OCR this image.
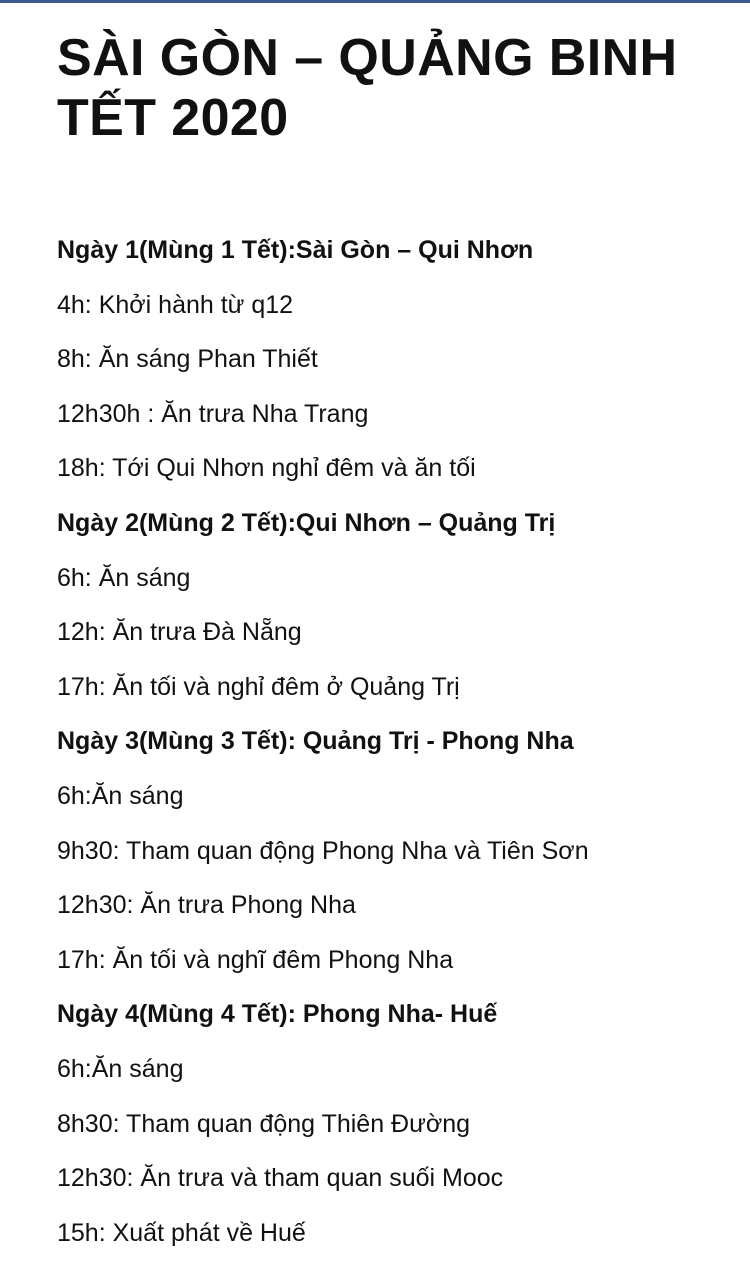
SÀI GÒN – QUẢNG BINH
TẾT 2020
Ngày 1(Mùng 1 Tết):Sài Gòn – Qui Nhơn
4h: Khởi hành từ q12
8h: Ăn sáng Phan Thiết
12h30h : Ăn trưa Nha Trang
18h: Tới Qui Nhơn nghỉ đêm và ăn tối
Ngày 2(Mùng 2 Tết):Qui Nhơn – Quảng Trị
6h: Ăn sáng
12h: Ăn trưa Đà Nẵng
17h: Ăn tối và nghỉ đêm ở Quảng Trị
Ngày 3(Mùng 3 Tết): Quảng Trị - Phong Nha
6h:Ăn sáng
9h30: Tham quan động Phong Nha và Tiên Sơn
12h30: Ăn trưa Phong Nha
17h: Ăn tối và nghĩ đêm Phong Nha
Ngày 4(Mùng 4 Tết): Phong Nha- Huế
6h:Ăn sáng
8h30: Tham quan động Thiên Đường
12h30: Ăn trưa và tham quan suối Mooc
15h: Xuất phát về Huế
